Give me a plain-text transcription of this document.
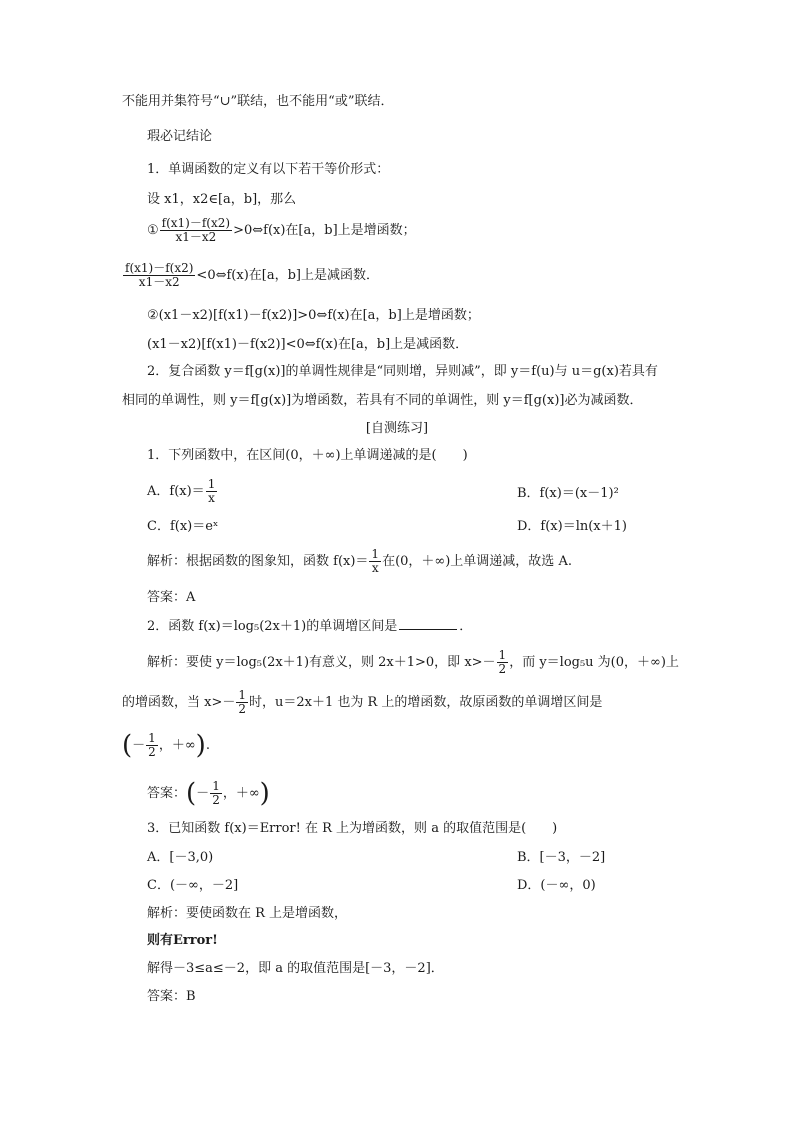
不能用并集符号“∪”联结，也不能用“或”联结．
瑕必记结论
1．单调函数的定义有以下若干等价形式：
设 x1，x2∈[a，b]，那么
① $\frac{f(x1)-f(x2)}{x1-x2}$ >0⇔f(x)在[a，b]上是增函数；
$\frac{f(x1)-f(x2)}{x1-x2}$ <0⇔f(x)在[a，b]上是减函数．
②(x1－x2)[f(x1)－f(x2)]>0⇔f(x)在[a，b]上是增函数；
(x1－x2)[f(x1)－f(x2)]<0⇔f(x)在[a，b]上是减函数．
2．复合函数 y＝f[g(x)]的单调性规律是“同则增，异则减”，即 y＝f(u)与 u＝g(x)若具有
相同的单调性，则 y＝f[g(x)]为增函数，若具有不同的单调性，则 y＝f[g(x)]必为减函数．
[自测练习]
1．下列函数中，在区间(0，＋∞)上单调递减的是(　　)
A．$f(x)= \frac{1}{x}$	B．f(x)＝(x－1)²
C．f(x)＝eˣ	D．f(x)＝ln(x＋1)
解析：根据函数的图象知，函数 $f(x)= \frac{1}{x}$ 在(0，＋∞)上单调递减，故选 A.
答案：A
2．函数 f(x)＝log₅(2x＋1)的单调增区间是	．
解析：要使 y＝log₅(2x＋1)有意义，则 2x＋1>0，即 $x>- \frac{1}{2}$ ，而 y＝log₅u 为(0，＋∞)上
的增函数，当 $x>- \frac{1}{2}$ 时，u＝2x＋1 也为 R 上的增函数，故原函数的单调增区间是
(－ $\frac{1}{2}$ ，＋∞).
答案：(－ $\frac{1}{2}$ ，＋∞)
3．已知函数 f(x)＝Error! 在 R 上为增函数，则 a 的取值范围是(　　)
A．[－3,0)	B．[－3，－2]
C．(－∞，－2]	D．(－∞，0)
解析：要使函数在 R 上是增函数，
则有Error!
解得－3≤a≤－2，即 a 的取值范围是[－3，－2]．
答案：B
